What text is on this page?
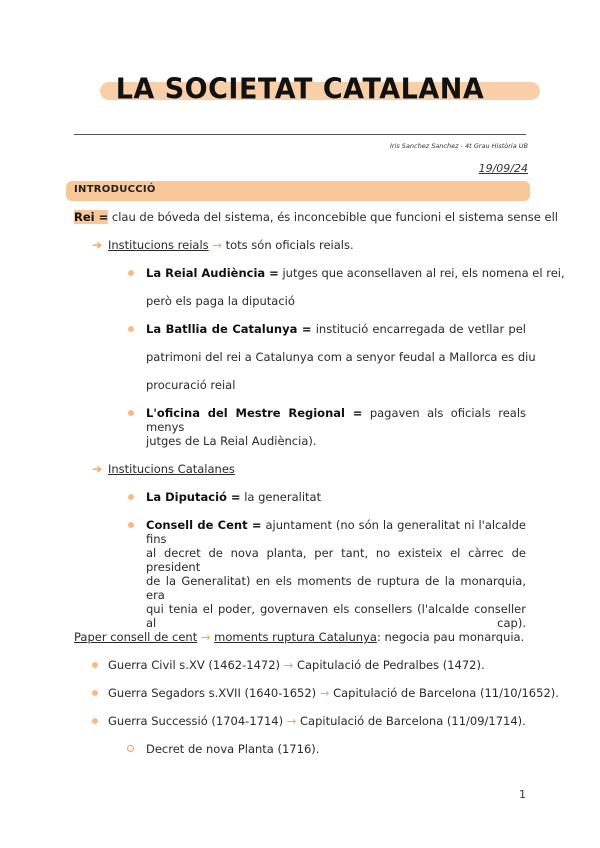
LA SOCIETAT CATALANA
Iris Sanchez Sanchez - 4t Grau Història UB
19/09/24
INTRODUCCIÓ
Rei = clau de bóveda del sistema, és inconcebible que funcioni el sistema sense ell
➔ Institucions reials → tots són oficials reials.
La Reial Audiència = jutges que aconsellaven al rei, els nomena el rei,
però els paga la diputació
La Batllia de Catalunya = institució encarregada de vetllar pel
patrimoni del rei a Catalunya com a senyor feudal a Mallorca es diu
procuració reial
L'oficina del Mestre Regional = pagaven als oficials reals menys
jutges de La Reial Audiència).
➔ Institucions Catalanes
La Diputació = la generalitat
Consell de Cent = ajuntament (no són la generalitat ni l'alcalde fins
al decret de nova planta, per tant, no existeix el càrrec de president
de la Generalitat) en els moments de ruptura de la monarquia, era
qui tenia el poder, governaven els consellers (l'alcalde conseller al cap).
Paper consell de cent → moments ruptura Catalunya: negocia pau monarquia.
Guerra Civil s.XV (1462-1472) → Capitulació de Pedralbes (1472).
Guerra Segadors s.XVII (1640-1652) → Capitulació de Barcelona (11/10/1652).
Guerra Successió (1704-1714) → Capitulació de Barcelona (11/09/1714).
Decret de nova Planta (1716).
1
